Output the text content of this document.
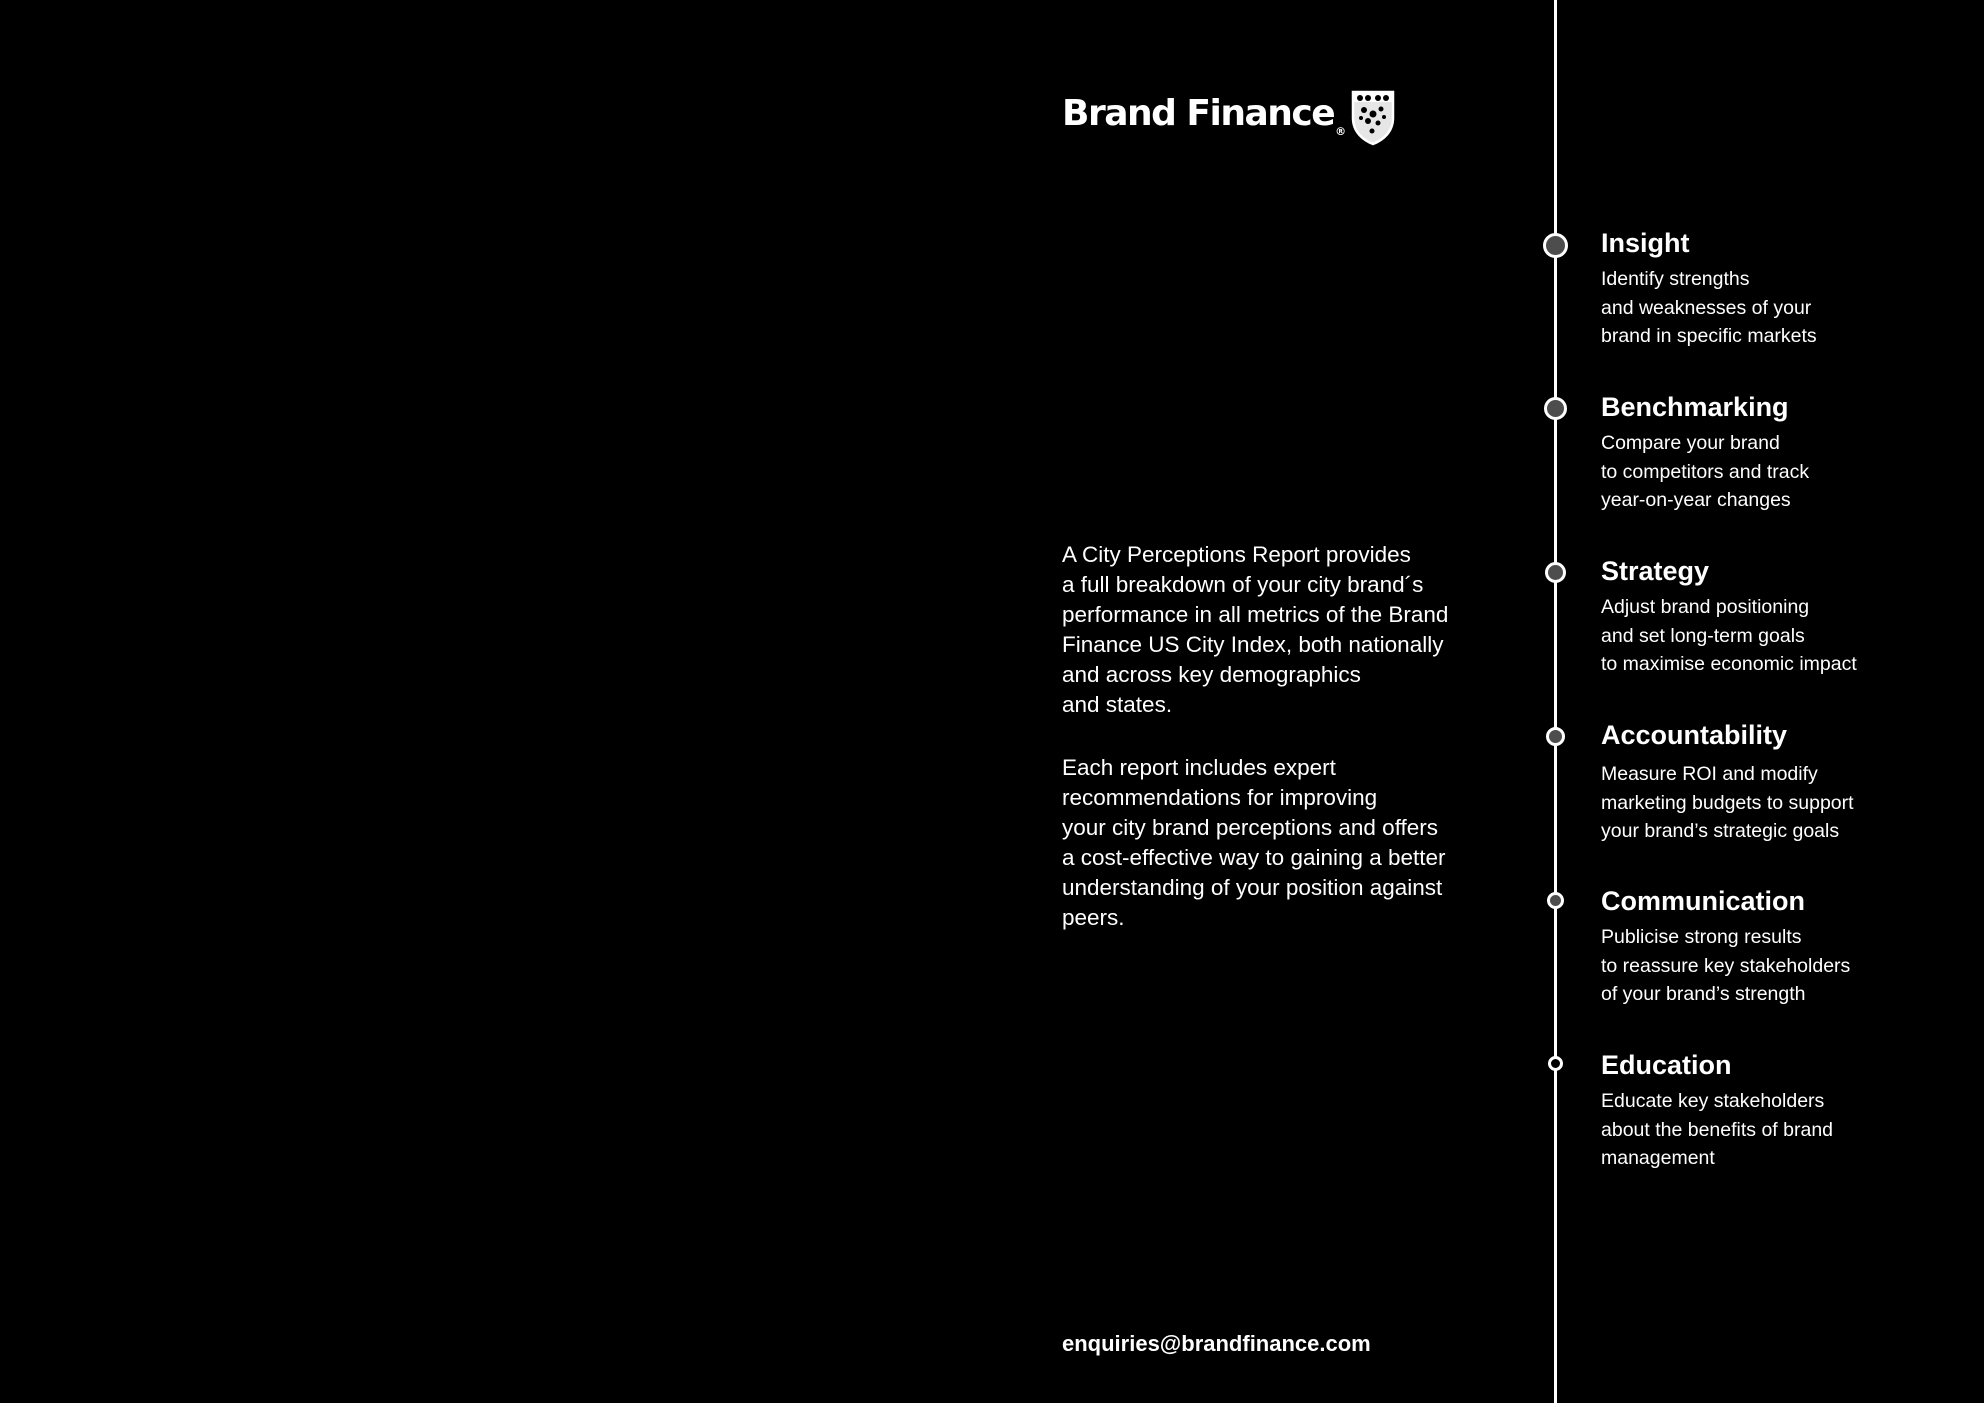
Brand Finance$_®$

A City Perceptions Report provides
a full breakdown of your city brand´s
performance in all metrics of the Brand
Finance US City Index, both nationally
and across key demographics
and states.

Each report includes expert
recommendations for improving
your city brand perceptions and offers
a cost-effective way to gaining a better
understanding of your position against
peers.

enquiries@brandfinance.com
Insight

Identify strengths
and weaknesses of your
brand in specific markets

Benchmarking

Compare your brand
to competitors and track
year-on-year changes

Strategy

Adjust brand positioning
and set long-term goals
to maximise economic impact

Accountability

Measure ROI and modify
marketing budgets to support
your brand’s strategic goals

Communication

Publicise strong results
to reassure key stakeholders
of your brand’s strength

Education

Educate key stakeholders
about the benefits of brand
management
